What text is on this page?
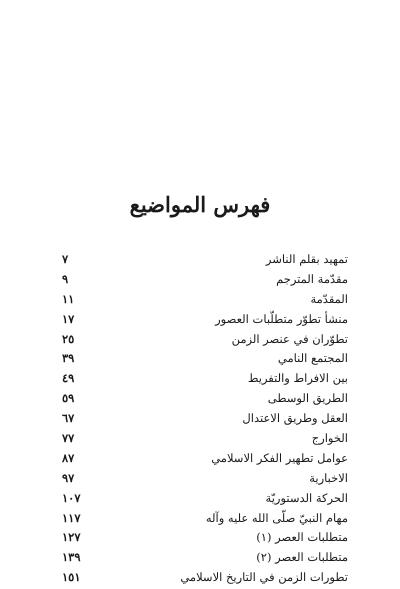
فهرس المواضيع
تمهيد بقلم الناشر
٧
مقدّمة المترجم
٩
المقدّمة
١١
منشأ تطوّر متطلّبات العصور
١٧
تطوّران في عنصر الزمن
٢٥
المجتمع النامي
٣٩
بين الافراط والتفريط
٤٩
الطريق الوسطى
٥٩
العقل وطريق الاعتدال
٦٧
الخوارج
٧٧
عوامل تطهير الفكر الاسلامي
٨٧
الاخبارية
٩٧
الحركة الدستوريّة
١٠٧
مهام النبيّ صلّى الله عليه وآله
١١٧
متطلبات العصر (١)
١٢٧
متطلبات العصر (٢)
١٣٩
تطورات الزمن في التاريخ الاسلامي
١٥١
